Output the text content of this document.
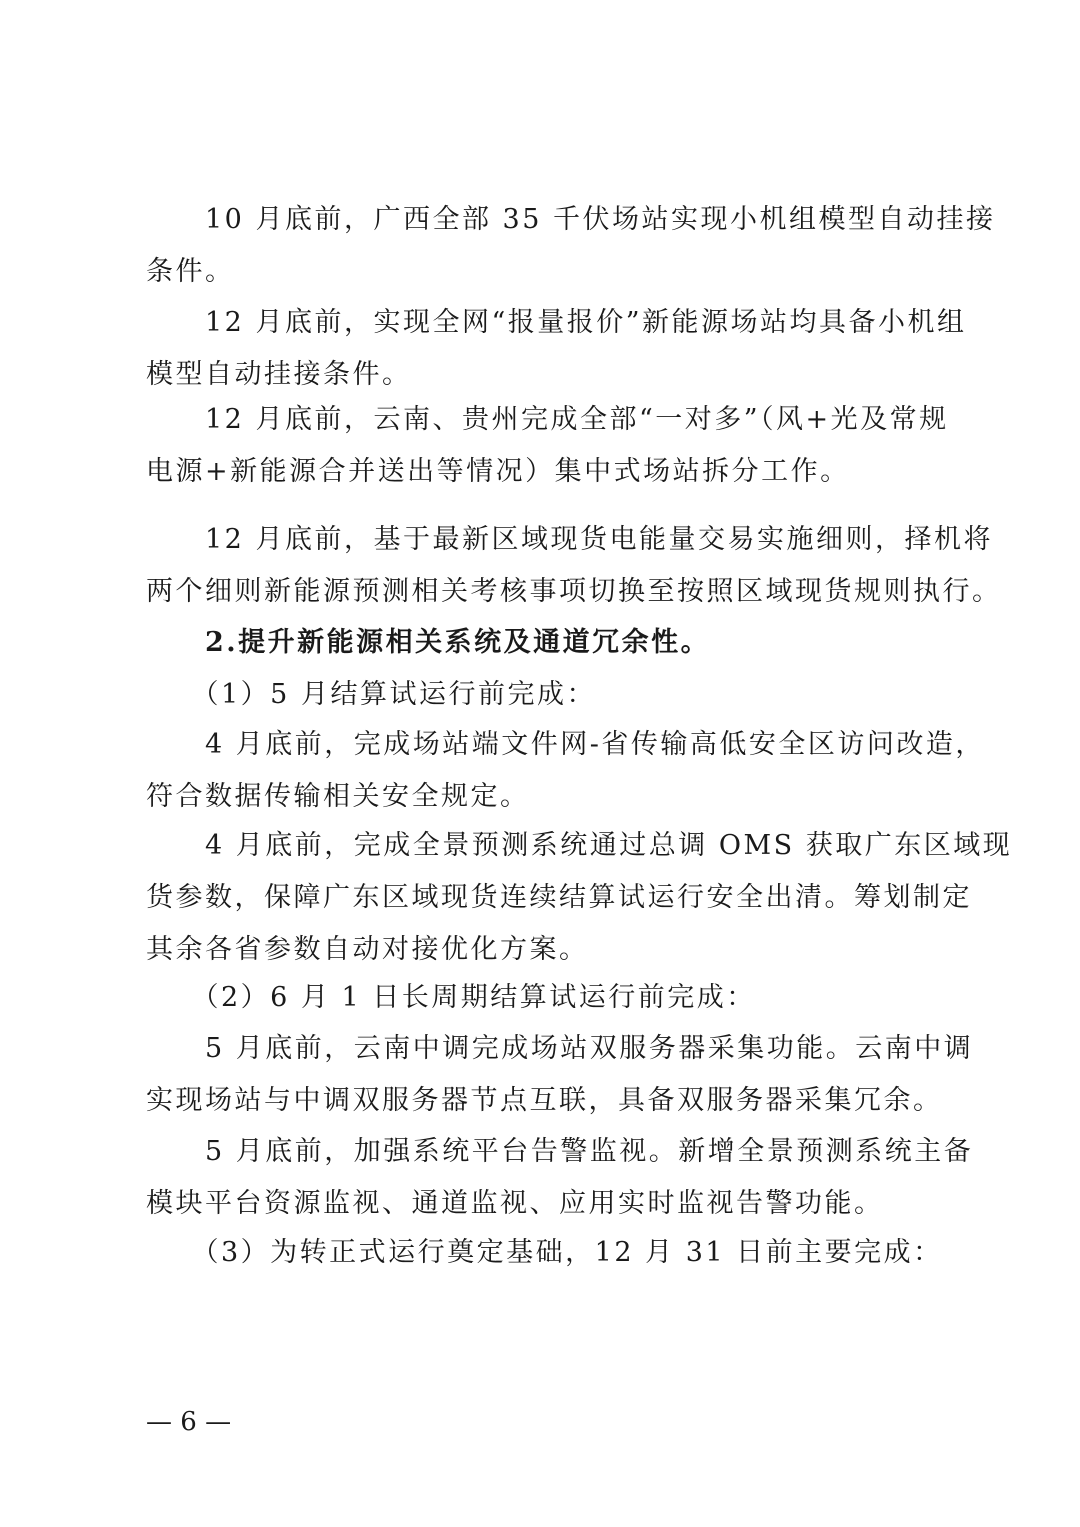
　　10 月底前，广西全部 35 千伏场站实现小机组模型自动挂接
条件。
　　12 月底前，实现全网“报量报价”新能源场站均具备小机组
模型自动挂接条件。
　　12 月底前，云南、贵州完成全部“一对多”（风+光及常规
电源+新能源合并送出等情况）集中式场站拆分工作。
　　12 月底前，基于最新区域现货电能量交易实施细则，择机将
两个细则新能源预测相关考核事项切换至按照区域现货规则执行。
　　2.提升新能源相关系统及通道冗余性。
　　（1）5 月结算试运行前完成：
　　4 月底前，完成场站端文件网-省传输高低安全区访问改造，
符合数据传输相关安全规定。
　　4 月底前，完成全景预测系统通过总调 OMS 获取广东区域现
货参数，保障广东区域现货连续结算试运行安全出清。筹划制定
其余各省参数自动对接优化方案。
　　（2）6 月 1 日长周期结算试运行前完成：
　　5 月底前，云南中调完成场站双服务器采集功能。云南中调
实现场站与中调双服务器节点互联，具备双服务器采集冗余。
　　5 月底前，加强系统平台告警监视。新增全景预测系统主备
模块平台资源监视、通道监视、应用实时监视告警功能。
　　（3）为转正式运行奠定基础，12 月 31 日前主要完成：
— 6 —
